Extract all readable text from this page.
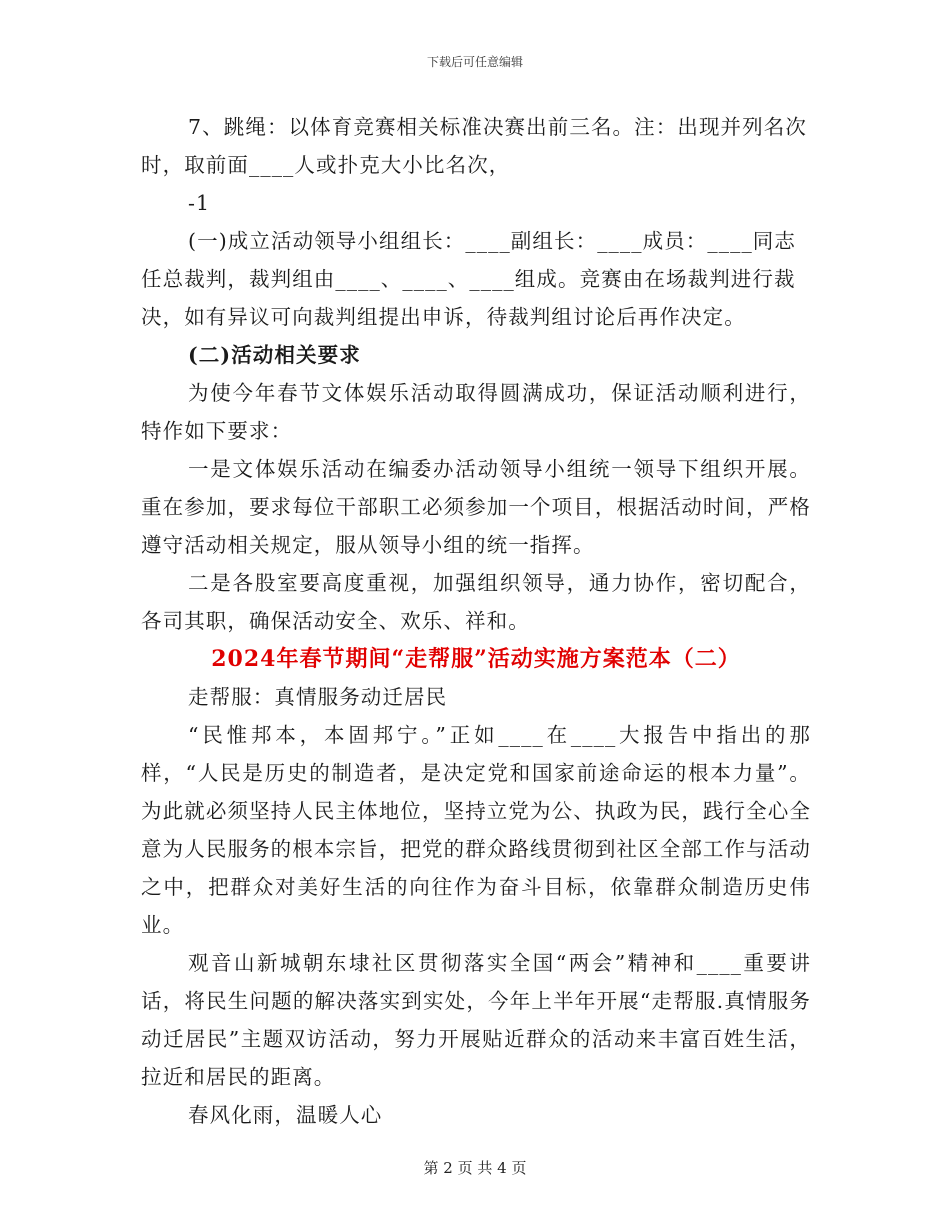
下载后可任意编辑

7、跳绳：以体育竞赛相关标准决赛出前三名。注：出现并列名次

时，取前面____人或扑克大小比名次，

-1

(一)成立活动领导小组组长：____副组长：____成员：____同志

任总裁判，裁判组由____、____、____组成。竞赛由在场裁判进行裁

决，如有异议可向裁判组提出申诉，待裁判组讨论后再作决定。

(二)活动相关要求

为使今年春节文体娱乐活动取得圆满成功，保证活动顺利进行，特作如下要求：

一是文体娱乐活动在编委办活动领导小组统一领导下组织开展。重在参加，要求每位干部职工必须参加一个项目，根据活动时间，严格遵守活动相关规定，服从领导小组的统一指挥。

二是各股室要高度重视，加强组织领导，通力协作，密切配合，各司其职，确保活动安全、欢乐、祥和。

2024年春节期间“走帮服”活动实施方案范本（二）

走帮服：真情服务动迁居民

“民惟邦本，本固邦宁。”正如____在____大报告中指出的那样，“人民是历史的制造者，是决定党和国家前途命运的根本力量”。为此就必须坚持人民主体地位，坚持立党为公、执政为民，践行全心全意为人民服务的根本宗旨，把党的群众路线贯彻到社区全部工作与活动之中，把群众对美好生活的向往作为奋斗目标，依靠群众制造历史伟业。

观音山新城朝东埭社区贯彻落实全国“两会”精神和____重要讲话，将民生问题的解决落实到实处，今年上半年开展“走帮服.真情服务动迁居民”主题双访活动，努力开展贴近群众的活动来丰富百姓生活，拉近和居民的距离。

春风化雨，温暖人心

第 2 页 共 4 页
